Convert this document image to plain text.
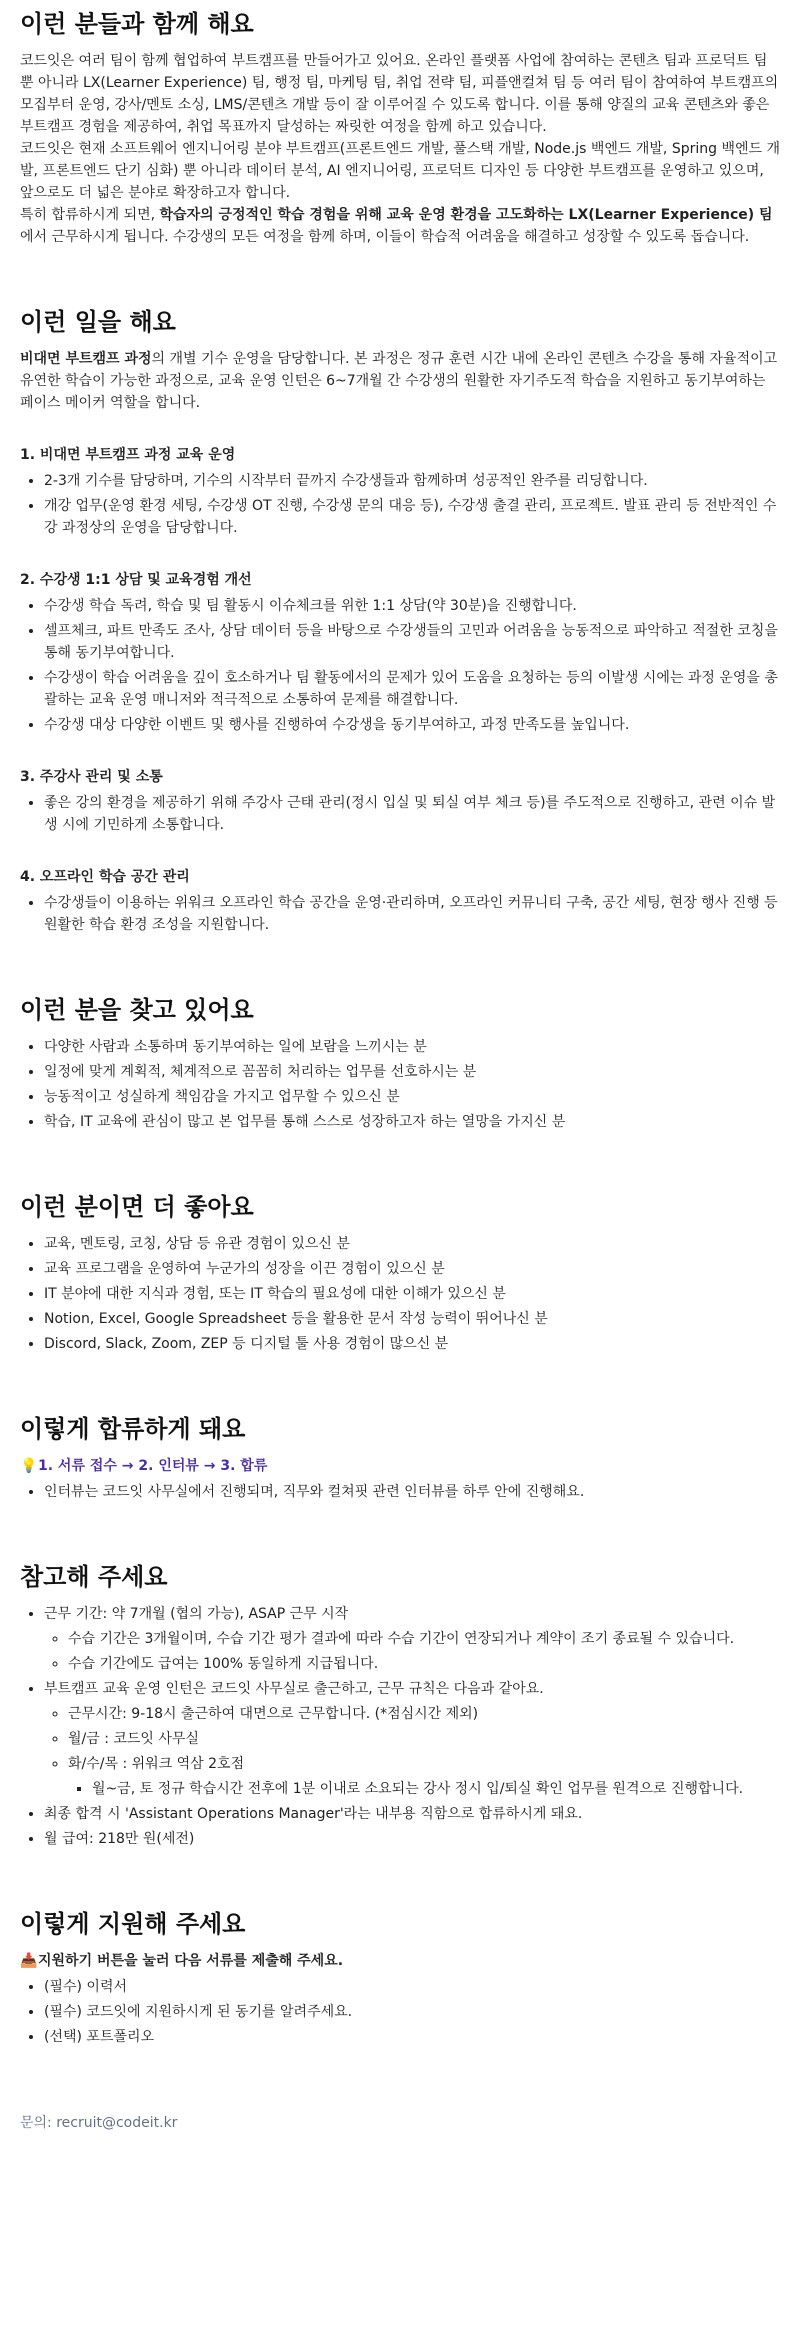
이런 분들과 함께 해요

코드잇은 여러 팀이 함께 협업하여 부트캠프를 만들어가고 있어요. 온라인 플랫폼 사업에 참여하는 콘텐츠 팀과 프로덕트 팀뿐 아니라 LX(Learner Experience) 팀, 행정 팀, 마케팅 팀, 취업 전략 팀, 피플앤컬쳐 팀 등 여러 팀이 참여하여 부트캠프의 모집부터 운영, 강사/멘토 소싱, LMS/콘텐츠 개발 등이 잘 이루어질 수 있도록 합니다. 이를 통해 양질의 교육 콘텐츠와 좋은 부트캠프 경험을 제공하여, 취업 목표까지 달성하는 짜릿한 여정을 함께 하고 있습니다.

코드잇은 현재 소프트웨어 엔지니어링 분야 부트캠프(프론트엔드 개발, 풀스택 개발, Node.js 백엔드 개발, Spring 백엔드 개발, 프론트엔드 단기 심화) 뿐 아니라 데이터 분석, AI 엔지니어링, 프로덕트 디자인 등 다양한 부트캠프를 운영하고 있으며, 앞으로도 더 넓은 분야로 확장하고자 합니다.

특히 합류하시게 되면, 학습자의 긍정적인 학습 경험을 위해 교육 운영 환경을 고도화하는 LX(Learner Experience) 팀에서 근무하시게 됩니다. 수강생의 모든 여정을 함께 하며, 이들이 학습적 어려움을 해결하고 성장할 수 있도록 돕습니다.

이런 일을 해요

비대면 부트캠프 과정의 개별 기수 운영을 담당합니다. 본 과정은 정규 훈련 시간 내에 온라인 콘텐츠 수강을 통해 자율적이고 유연한 학습이 가능한 과정으로, 교육 운영 인턴은 6~7개월 간 수강생의 원활한 자기주도적 학습을 지원하고 동기부여하는 페이스 메이커 역할을 합니다.

1. 비대면 부트캠프 과정 교육 운영
• 2-3개 기수를 담당하며, 기수의 시작부터 끝까지 수강생들과 함께하며 성공적인 완주를 리딩합니다.
• 개강 업무(운영 환경 세팅, 수강생 OT 진행, 수강생 문의 대응 등), 수강생 출결 관리, 프로젝트. 발표 관리 등 전반적인 수강 과정상의 운영을 담당합니다.
2. 수강생 1:1 상담 및 교육경험 개선
• 수강생 학습 독려, 학습 및 팀 활동시 이슈체크를 위한 1:1 상담(약 30분)을 진행합니다.
• 셀프체크, 파트 만족도 조사, 상담 데이터 등을 바탕으로 수강생들의 고민과 어려움을 능동적으로 파악하고 적절한 코칭을 통해 동기부여합니다.
• 수강생이 학습 어려움을 깊이 호소하거나 팀 활동에서의 문제가 있어 도움을 요청하는 등의 이발생 시에는 과정 운영을 총괄하는 교육 운영 매니저와 적극적으로 소통하여 문제를 해결합니다.
• 수강생 대상 다양한 이벤트 및 행사를 진행하여 수강생을 동기부여하고, 과정 만족도를 높입니다.
3. 주강사 관리 및 소통
• 좋은 강의 환경을 제공하기 위해 주강사 근태 관리(정시 입실 및 퇴실 여부 체크 등)를 주도적으로 진행하고, 관련 이슈 발생 시에 기민하게 소통합니다.
4. 오프라인 학습 공간 관리
• 수강생들이 이용하는 위워크 오프라인 학습 공간을 운영·관리하며, 오프라인 커뮤니티 구축, 공간 세팅, 현장 행사 진행 등 원활한 학습 환경 조성을 지원합니다.
이런 분을 찾고 있어요
• 다양한 사람과 소통하며 동기부여하는 일에 보람을 느끼시는 분
• 일정에 맞게 계획적, 체계적으로 꼼꼼히 처리하는 업무를 선호하시는 분
• 능동적이고 성실하게 책임감을 가지고 업무할 수 있으신 분
• 학습, IT 교육에 관심이 많고 본 업무를 통해 스스로 성장하고자 하는 열망을 가지신 분
이런 분이면 더 좋아요
• 교육, 멘토링, 코칭, 상담 등 유관 경험이 있으신 분
• 교육 프로그램을 운영하여 누군가의 성장을 이끈 경험이 있으신 분
• IT 분야에 대한 지식과 경험, 또는 IT 학습의 필요성에 대한 이해가 있으신 분
• Notion, Excel, Google Spreadsheet 등을 활용한 문서 작성 능력이 뛰어나신 분
• Discord, Slack, Zoom, ZEP 등 디지털 툴 사용 경험이 많으신 분
이렇게 합류하게 돼요
💡1. 서류 접수 → 2. 인터뷰 → 3. 합류
• 인터뷰는 코드잇 사무실에서 진행되며, 직무와 컬쳐핏 관련 인터뷰를 하루 안에 진행해요.
참고해 주세요
• 근무 기간: 약 7개월 (협의 가능), ASAP 근무 시작
◦ 수습 기간은 3개월이며, 수습 기간 평가 결과에 따라 수습 기간이 연장되거나 계약이 조기 종료될 수 있습니다.
◦ 수습 기간에도 급여는 100% 동일하게 지급됩니다.
• 부트캠프 교육 운영 인턴은 코드잇 사무실로 출근하고, 근무 규칙은 다음과 같아요.
◦ 근무시간: 9-18시 출근하여 대면으로 근무합니다. (*점심시간 제외)
◦ 월/금 : 코드잇 사무실
◦ 화/수/목 : 위워크 역삼 2호점
▪ 월~금, 토 정규 학습시간 전후에 1분 이내로 소요되는 강사 정시 입/퇴실 확인 업무를 원격으로 진행합니다.
• 최종 합격 시 'Assistant Operations Manager'라는 내부용 직함으로 합류하시게 돼요.
• 월 급여: 218만 원(세전)
이렇게 지원해 주세요
📥지원하기 버튼을 눌러 다음 서류를 제출해 주세요.
• (필수) 이력서
• (필수) 코드잇에 지원하시게 된 동기를 알려주세요.
• (선택) 포트폴리오
문의: recruit@codeit.kr
